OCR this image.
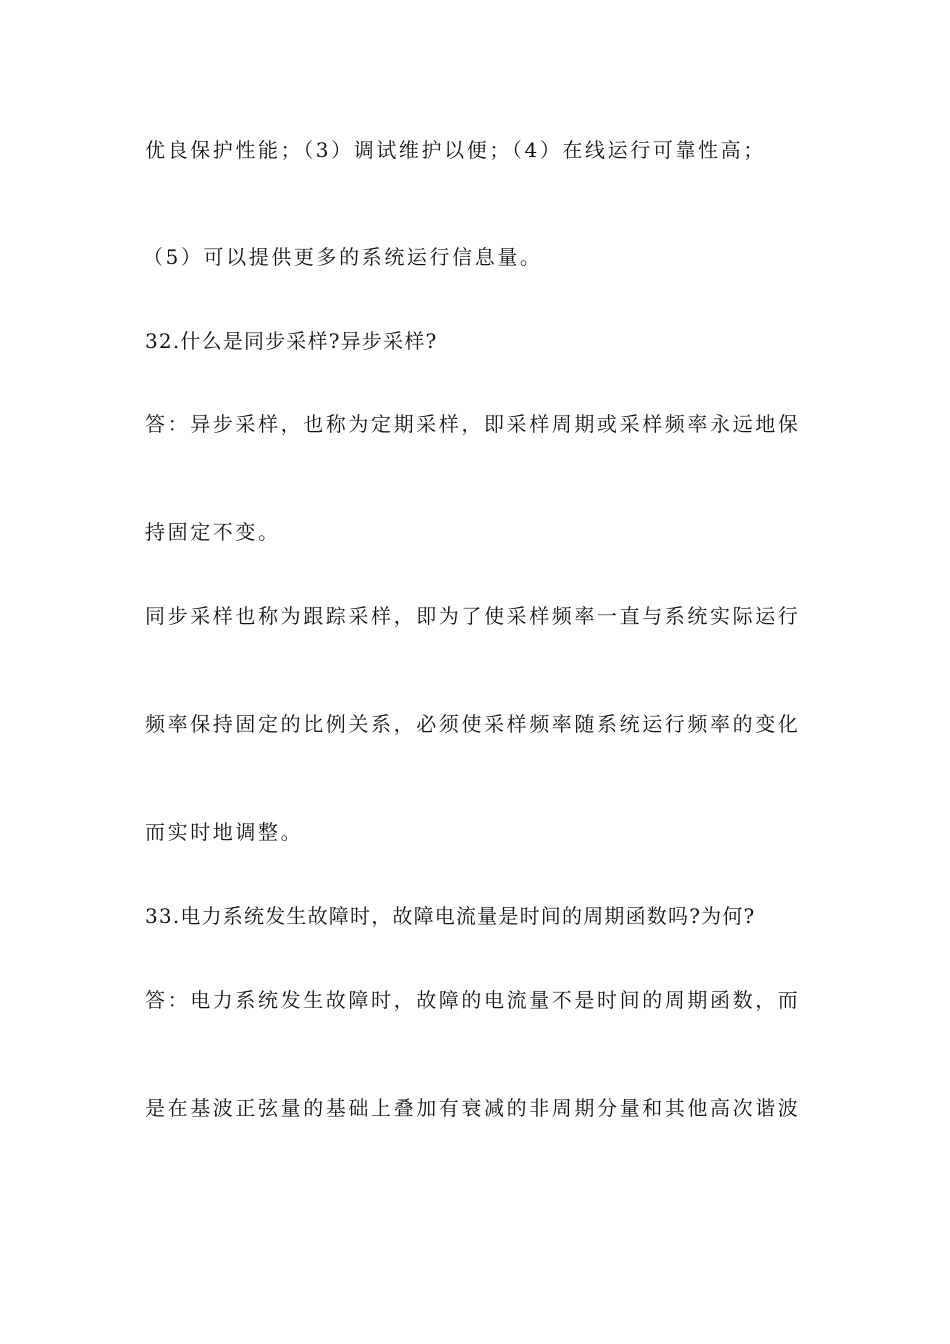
优良保护性能；（3）调试维护以便；（4）在线运行可靠性高；
（5）可以提供更多的系统运行信息量。
32.什么是同步采样?异步采样?
答：异步采样，也称为定期采样，即采样周期或采样频率永远地保
持固定不变。
同步采样也称为跟踪采样，即为了使采样频率一直与系统实际运行
频率保持固定的比例关系，必须使采样频率随系统运行频率的变化
而实时地调整。
33.电力系统发生故障时，故障电流量是时间的周期函数吗?为何?
答：电力系统发生故障时，故障的电流量不是时间的周期函数，而
是在基波正弦量的基础上叠加有衰减的非周期分量和其他高次谐波
